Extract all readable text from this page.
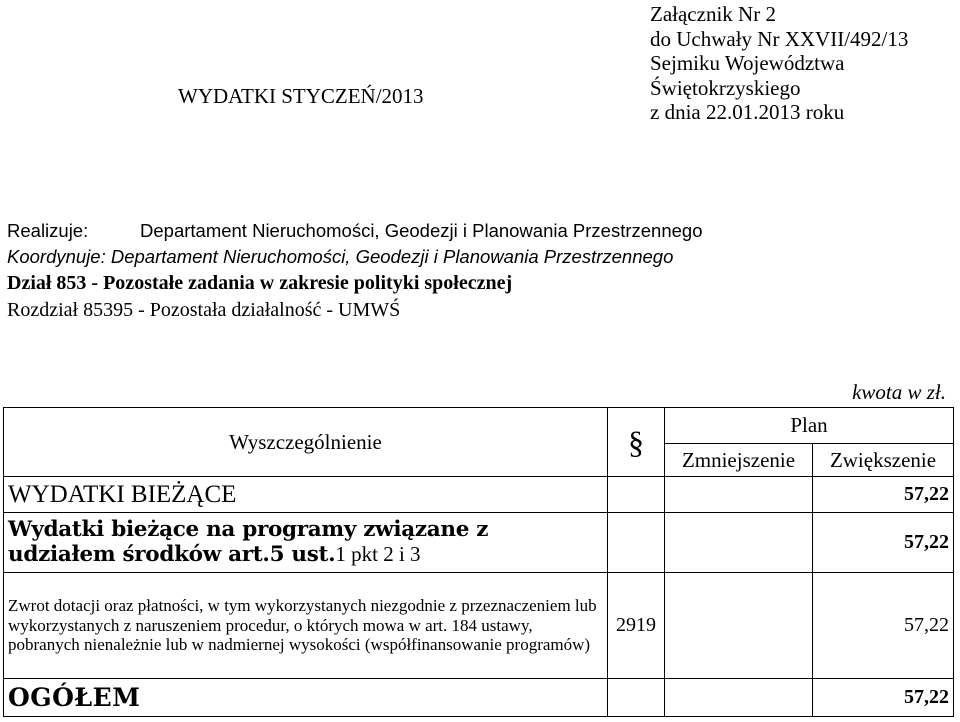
Załącznik Nr 2
do Uchwały Nr XXVII/492/13
Sejmiku Województwa
Świętokrzyskiego
z dnia 22.01.2013 roku
WYDATKI STYCZEŃ/2013
Realizuje:	Departament Nieruchomości, Geodezji i Planowania Przestrzennego
Koordynuje: Departament Nieruchomości, Geodezji i Planowania Przestrzennego
Dział 853 - Pozostałe zadania w zakresie polityki społecznej
Rozdział 85395 - Pozostała działalność - UMWŚ
kwota w zł.
Wyszczególnienie	§	Plan	
		Zmniejszenie	Zwiększenie
WYDATKI BIEŻĄCE			57,22
Wydatki bieżące na programy związane z
udziałem środków art.5 ust.1 pkt 2 i 3			57,22
Zwrot dotacji oraz płatności, w tym wykorzystanych niezgodnie z przeznaczeniem lub wykorzystanych z naruszeniem procedur, o których mowa w art. 184 ustawy, pobranych nienależnie lub w nadmiernej wysokości (współfinansowanie programów)	2919		57,22
OGÓŁEM			57,22
